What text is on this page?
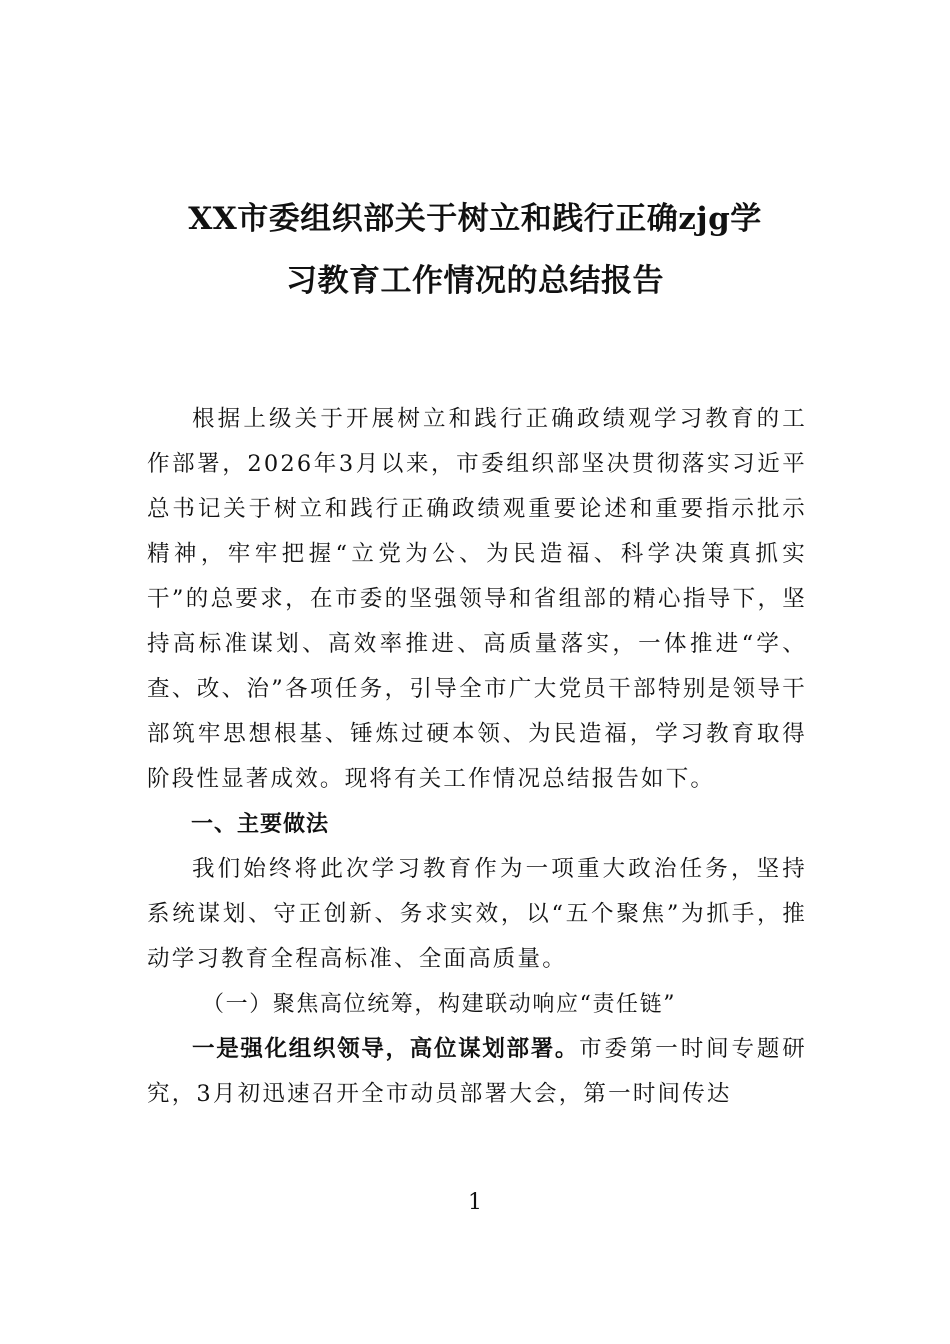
XX市委组织部关于树立和践行正确zjg学
习教育工作情况的总结报告

根据上级关于开展树立和践行正确政绩观学习教育的工作部署，2026年3月以来，市委组织部坚决贯彻落实习近平总书记关于树立和践行正确政绩观重要论述和重要指示批示精神，牢牢把握“立党为公、为民造福、科学决策真抓实干”的总要求，在市委的坚强领导和省组部的精心指导下，坚持高标准谋划、高效率推进、高质量落实，一体推进“学、查、改、治”各项任务，引导全市广大党员干部特别是领导干部筑牢思想根基、锤炼过硬本领、为民造福，学习教育取得阶段性显著成效。现将有关工作情况总结报告如下。

一、主要做法

我们始终将此次学习教育作为一项重大政治任务，坚持系统谋划、守正创新、务求实效，以“五个聚焦”为抓手，推动学习教育全程高标准、全面高质量。

（一）聚焦高位统筹，构建联动响应“责任链”

一是强化组织领导，高位谋划部署。市委第一时间专题研究，3月初迅速召开全市动员部署大会，第一时间传达

1
